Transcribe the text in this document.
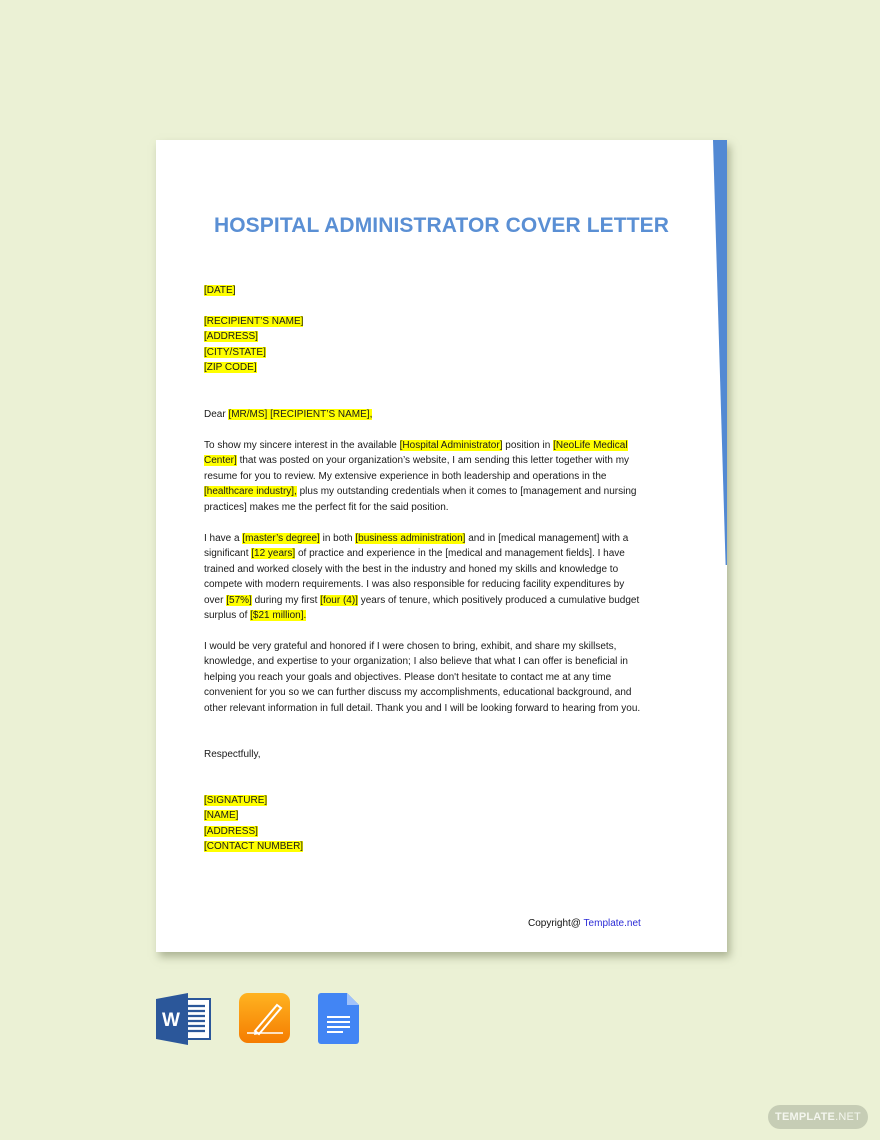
HOSPITAL ADMINISTRATOR COVER LETTER
[DATE]
[RECIPIENT’S NAME]
[ADDRESS]
[CITY/STATE]
[ZIP CODE]
Dear [MR/MS] [RECIPIENT’S NAME],
To show my sincere interest in the available [Hospital Administrator] position in [NeoLife Medical
Center] that was posted on your organization’s website, I am sending this letter together with my
resume for you to review. My extensive experience in both leadership and operations in the
[healthcare industry], plus my outstanding credentials when it comes to [management and nursing
practices] makes me the perfect fit for the said position.
I have a [master’s degree] in both [business administration] and in [medical management] with a
significant [12 years] of practice and experience in the [medical and management fields]. I have
trained and worked closely with the best in the industry and honed my skills and knowledge to
compete with modern requirements. I was also responsible for reducing facility expenditures by
over [57%] during my first [four (4)] years of tenure, which positively produced a cumulative budget
surplus of [$21 million].
I would be very grateful and honored if I were chosen to bring, exhibit, and share my skillsets,
knowledge, and expertise to your organization; I also believe that what I can offer is beneficial in
helping you reach your goals and objectives. Please don't hesitate to contact me at any time
convenient for you so we can further discuss my accomplishments, educational background, and
other relevant information in full detail. Thank you and I will be looking forward to hearing from you.
Respectfully,
[SIGNATURE]
[NAME]
[ADDRESS]
[CONTACT NUMBER]
Copyright@ Template.net
W
TEMPLATE.NET
